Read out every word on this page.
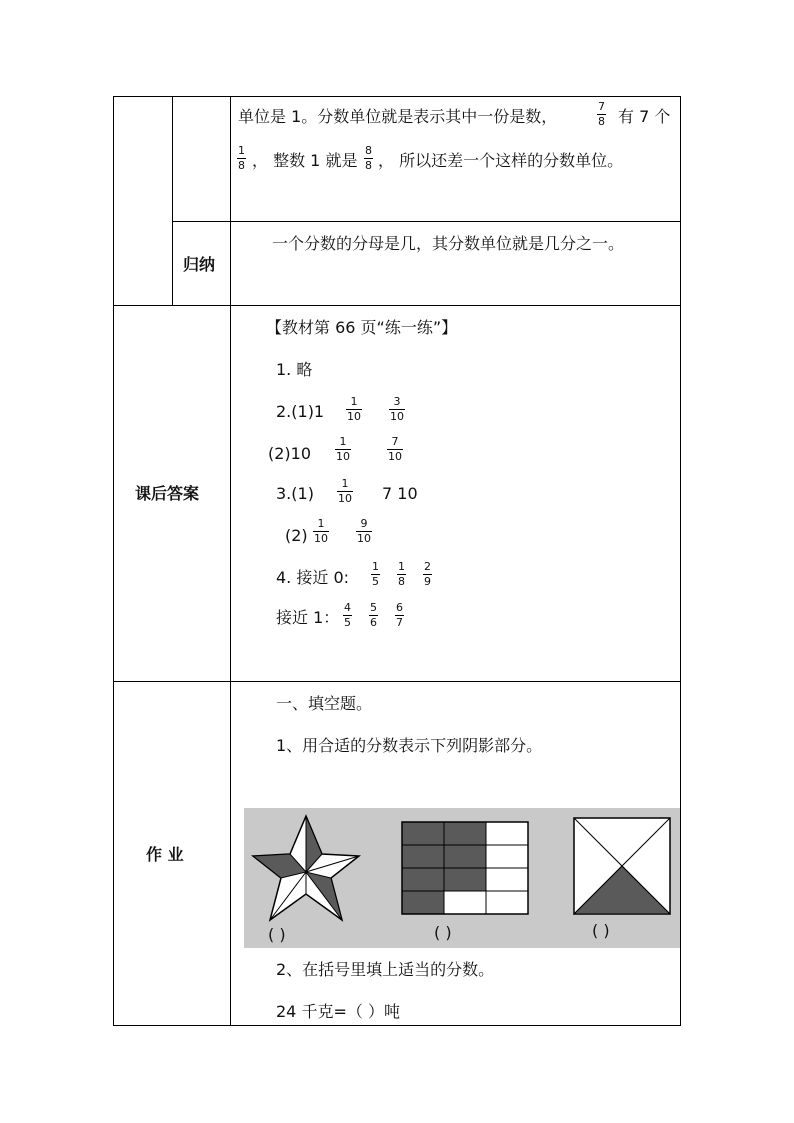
单位是 1。分数单位就是表示其中一份是数，
7
8 有 7 个
1
8 ， 整数 1 就是
8
8 ， 所以还差一个这样的分数单位。
归纳
一个分数的分母是几，其分数单位就是几分之一。
课后答案
【教材第 66 页“练一练”】
1. 略
2.(1)1
1
10
3
10
(2)10
1
10
7
10
3.(1)
1
10 7 10
(2)
1
10
9
10
4. 接近 0:
1
5
1
8
2
9
接近 1：
4
5
5
6
6
7
作 业
一、填空题。
1、用合适的分数表示下列阴影部分。
( )	( )	( )
2、在括号里填上适当的分数。
24 千克=（ ）吨
